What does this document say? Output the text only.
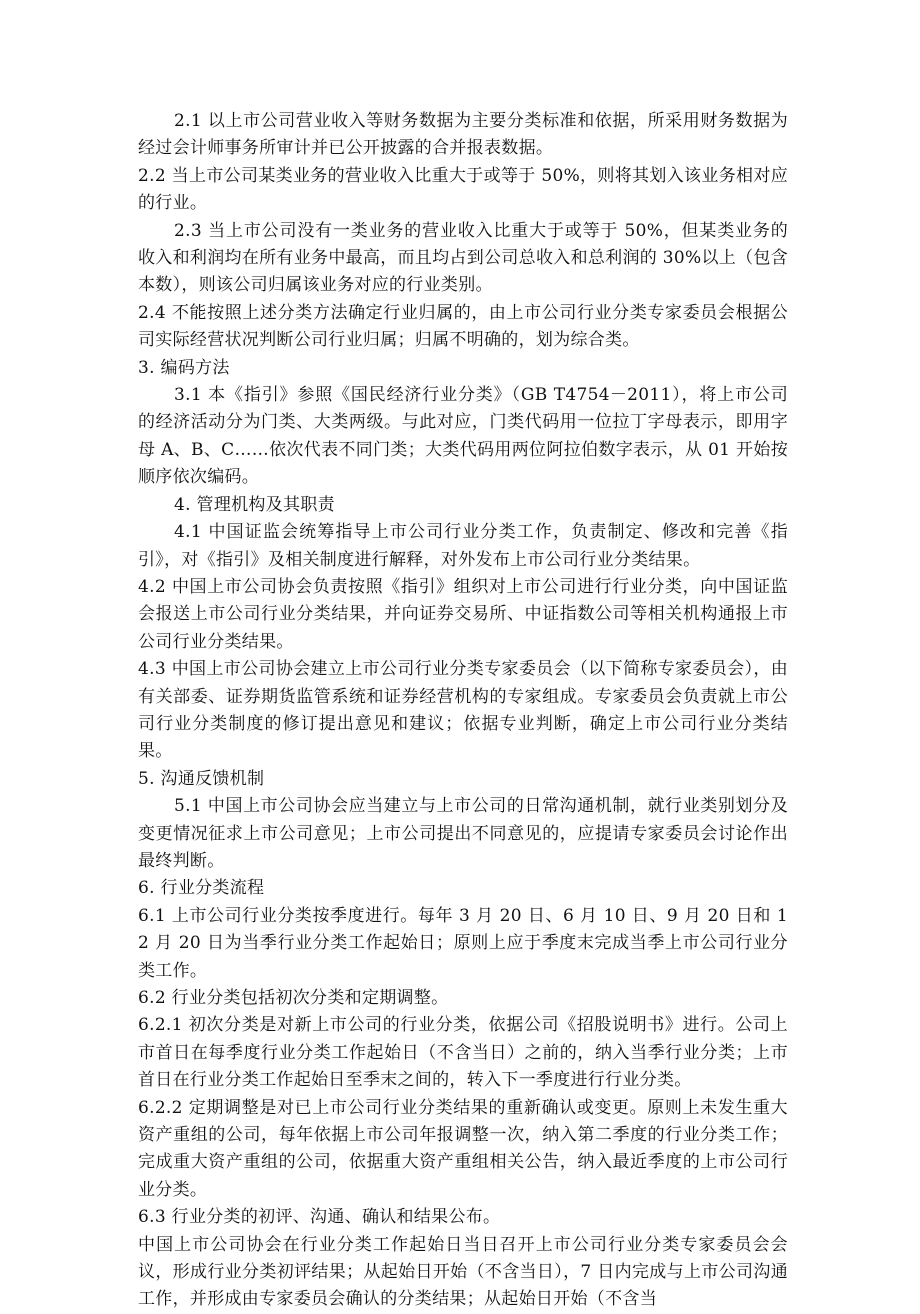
2.1 以上市公司营业收入等财务数据为主要分类标准和依据，所采用财务数据为经过会计师事务所审计并已公开披露的合并报表数据。

2.2 当上市公司某类业务的营业收入比重大于或等于 50%，则将其划入该业务相对应的行业。

2.3 当上市公司没有一类业务的营业收入比重大于或等于 50%，但某类业务的收入和利润均在所有业务中最高，而且均占到公司总收入和总利润的 30%以上（包含本数），则该公司归属该业务对应的行业类别。

2.4 不能按照上述分类方法确定行业归属的，由上市公司行业分类专家委员会根据公司实际经营状况判断公司行业归属；归属不明确的，划为综合类。

3. 编码方法

3.1 本《指引》参照《国民经济行业分类》（GB T4754－2011），将上市公司的经济活动分为门类、大类两级。与此对应，门类代码用一位拉丁字母表示，即用字母 A、B、C……依次代表不同门类；大类代码用两位阿拉伯数字表示，从 01 开始按顺序依次编码。

4. 管理机构及其职责

4.1 中国证监会统筹指导上市公司行业分类工作，负责制定、修改和完善《指引》，对《指引》及相关制度进行解释，对外发布上市公司行业分类结果。

4.2 中国上市公司协会负责按照《指引》组织对上市公司进行行业分类，向中国证监会报送上市公司行业分类结果，并向证券交易所、中证指数公司等相关机构通报上市公司行业分类结果。

4.3 中国上市公司协会建立上市公司行业分类专家委员会（以下简称专家委员会），由有关部委、证券期货监管系统和证券经营机构的专家组成。专家委员会负责就上市公司行业分类制度的修订提出意见和建议；依据专业判断，确定上市公司行业分类结果。

5. 沟通反馈机制

5.1 中国上市公司协会应当建立与上市公司的日常沟通机制，就行业类别划分及变更情况征求上市公司意见；上市公司提出不同意见的，应提请专家委员会讨论作出最终判断。

6. 行业分类流程

6.1 上市公司行业分类按季度进行。每年 3 月 20 日、6 月 10 日、9 月 20 日和 12 月 20 日为当季行业分类工作起始日；原则上应于季度末完成当季上市公司行业分类工作。

6.2 行业分类包括初次分类和定期调整。

6.2.1 初次分类是对新上市公司的行业分类，依据公司《招股说明书》进行。公司上市首日在每季度行业分类工作起始日（不含当日）之前的，纳入当季行业分类；上市首日在行业分类工作起始日至季末之间的，转入下一季度进行行业分类。

6.2.2 定期调整是对已上市公司行业分类结果的重新确认或变更。原则上未发生重大资产重组的公司，每年依据上市公司年报调整一次，纳入第二季度的行业分类工作；完成重大资产重组的公司，依据重大资产重组相关公告，纳入最近季度的上市公司行业分类。

6.3 行业分类的初评、沟通、确认和结果公布。

中国上市公司协会在行业分类工作起始日当日召开上市公司行业分类专家委员会会议，形成行业分类初评结果；从起始日开始（不含当日），7 日内完成与上市公司沟通工作，并形成由专家委员会确认的分类结果；从起始日开始（不含当
